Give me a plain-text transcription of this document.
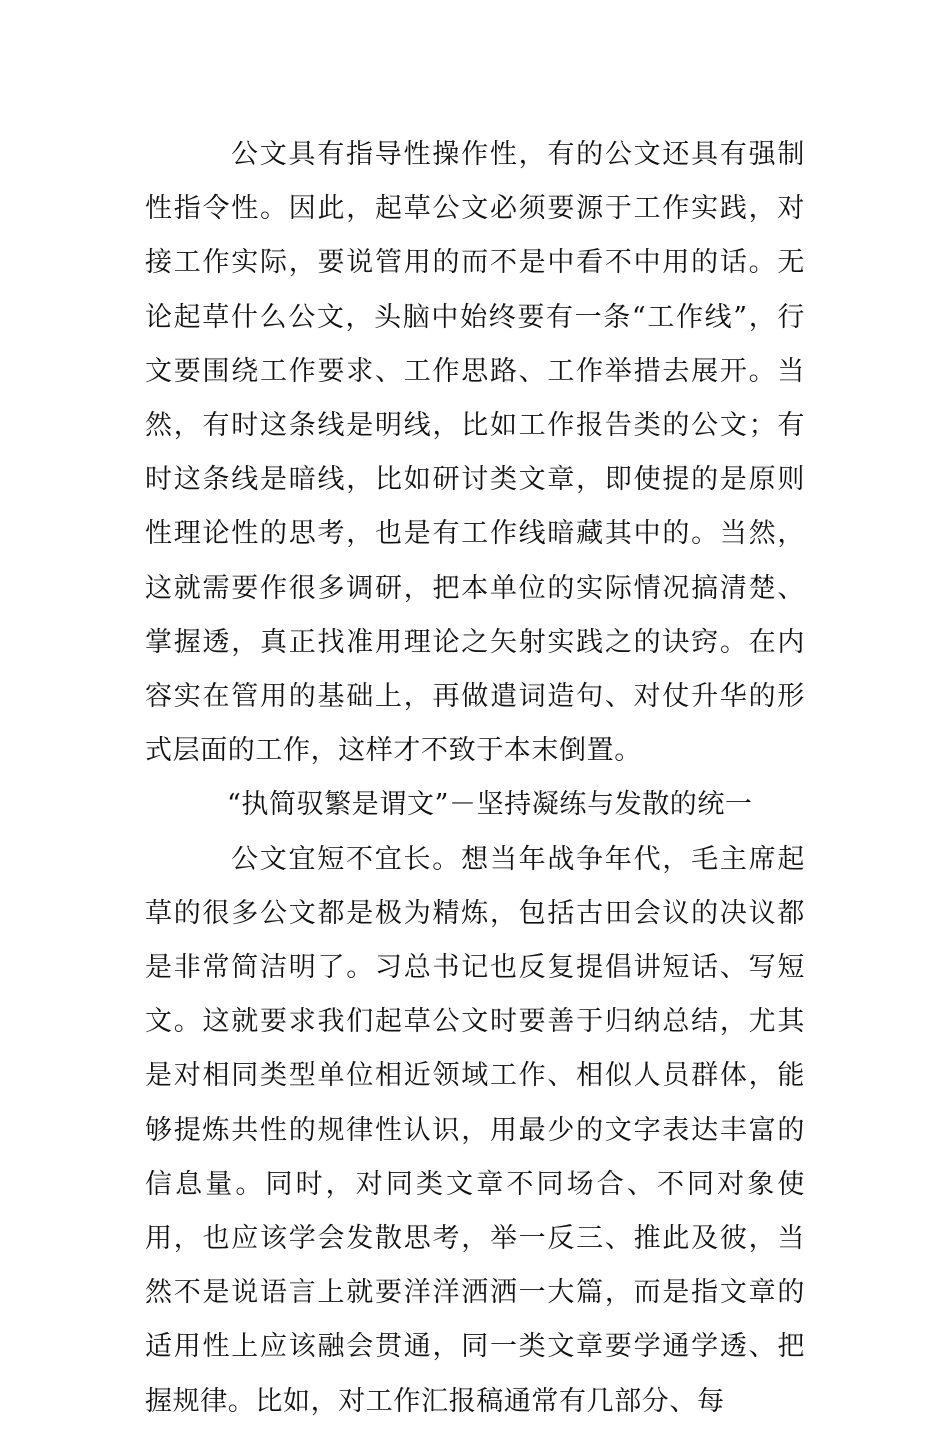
公文具有指导性操作性，有的公文还具有强制性指令性。因此，起草公文必须要源于工作实践，对接工作实际，要说管用的而不是中看不中用的话。无论起草什么公文，头脑中始终要有一条“工作线”，行文要围绕工作要求、工作思路、工作举措去展开。当然，有时这条线是明线，比如工作报告类的公文；有时这条线是暗线，比如研讨类文章，即使提的是原则性理论性的思考，也是有工作线暗藏其中的。当然，这就需要作很多调研，把本单位的实际情况搞清楚、掌握透，真正找准用理论之矢射实践之的诀窍。在内容实在管用的基础上，再做遣词造句、对仗升华的形式层面的工作，这样才不致于本末倒置。

“执简驭繁是谓文”－坚持凝练与发散的统一

公文宜短不宜长。想当年战争年代，毛主席起草的很多公文都是极为精炼，包括古田会议的决议都是非常简洁明了。习总书记也反复提倡讲短话、写短文。这就要求我们起草公文时要善于归纳总结，尤其是对相同类型单位相近领域工作、相似人员群体，能够提炼共性的规律性认识，用最少的文字表达丰富的信息量。同时，对同类文章不同场合、不同对象使用，也应该学会发散思考，举一反三、推此及彼，当然不是说语言上就要洋洋洒洒一大篇，而是指文章的适用性上应该融会贯通，同一类文章要学通学透、把握规律。比如，对工作汇报稿通常有几部分、每
